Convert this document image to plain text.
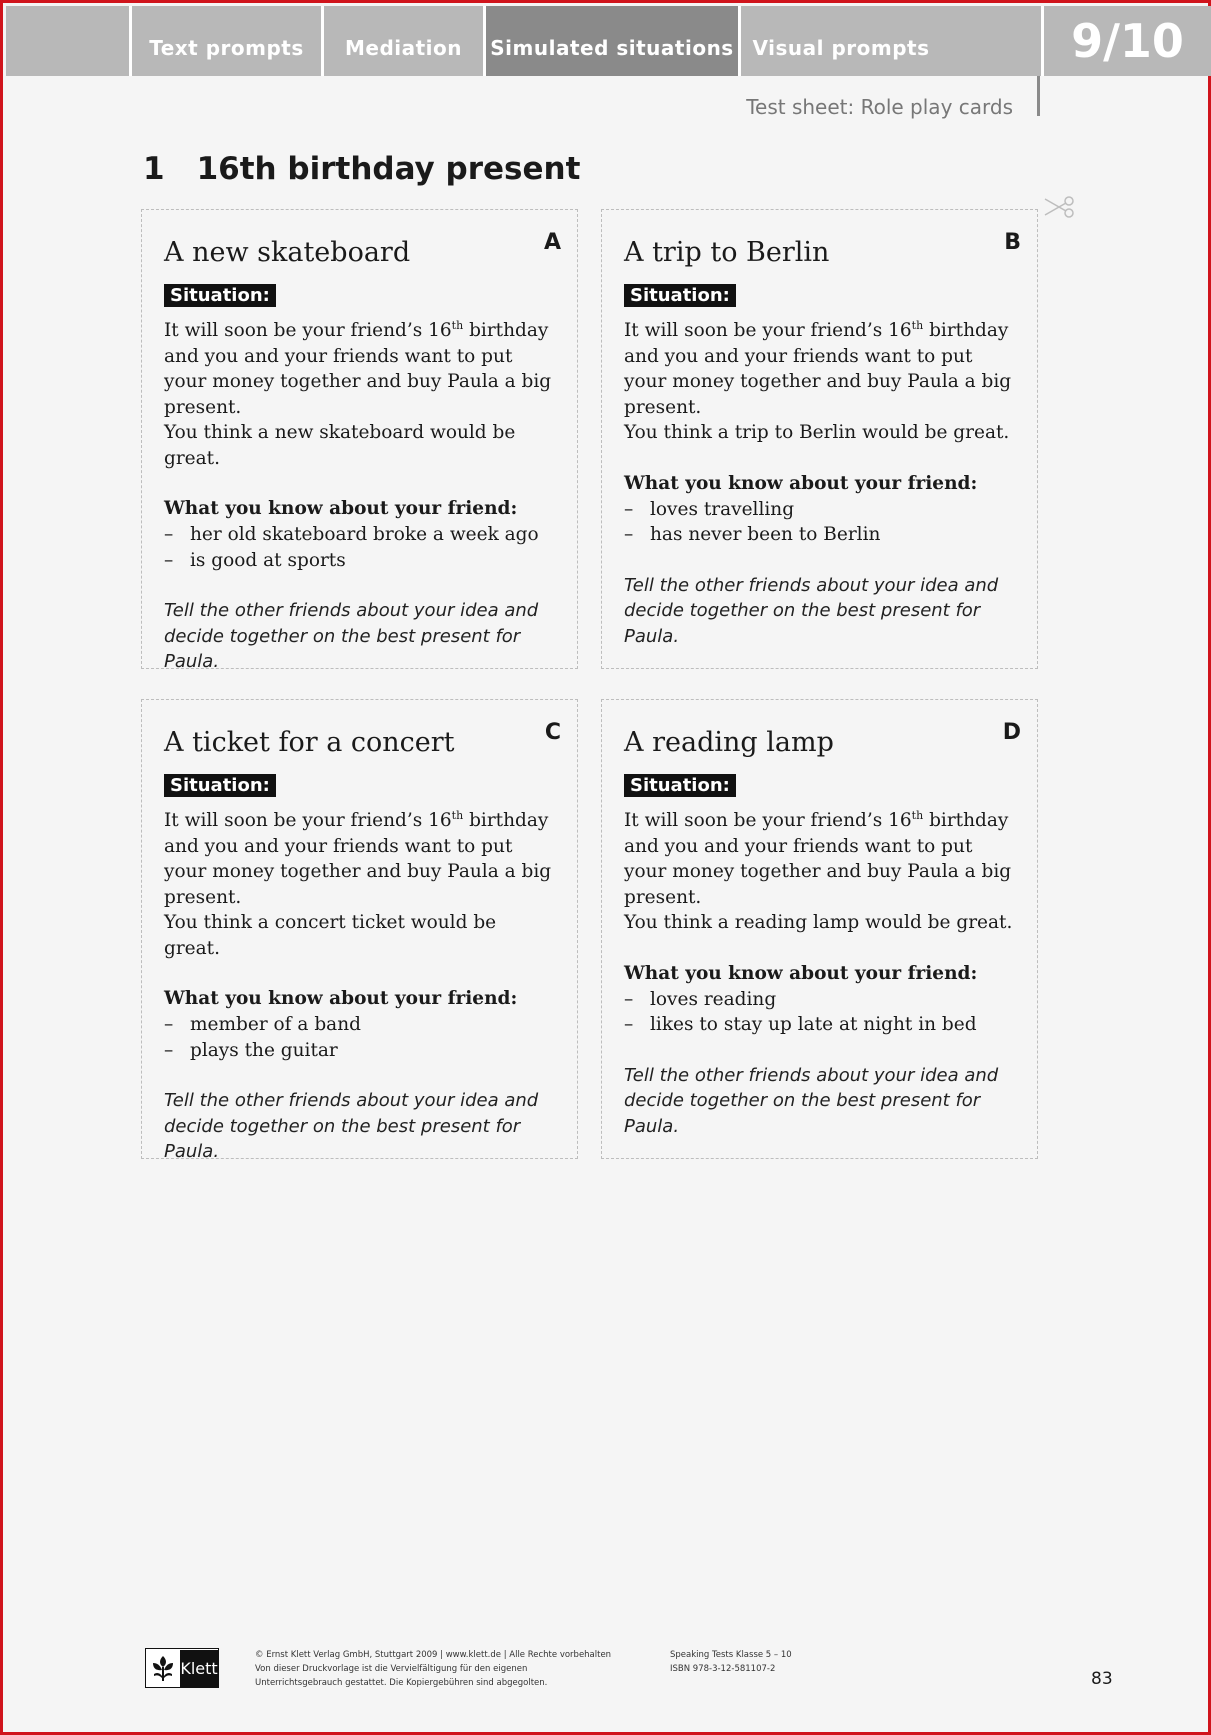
Text prompts Mediation Simulated situations Visual prompts	9/10
Test sheet: Role play cards
1 16th birthday present
A
A new skateboard
Situation:

It will soon be your friend’s 16th birthday and you and your friends want to put your money together and buy Paula a big present.

You think a new skateboard would be great.

What you know about your friend:

– her old skateboard broke a week ago
– is good at sports

Tell the other friends about your idea and decide together on the best present for Paula.

B
A trip to Berlin
Situation:

It will soon be your friend’s 16th birthday and you and your friends want to put your money together and buy Paula a big present.

You think a trip to Berlin would be great.

What you know about your friend:

– loves travelling
– has never been to Berlin

Tell the other friends about your idea and decide together on the best present for Paula.

C
A ticket for a concert
Situation:

It will soon be your friend’s 16th birthday and you and your friends want to put your money together and buy Paula a big present.

You think a concert ticket would be great.

What you know about your friend:

– member of a band
– plays the guitar

Tell the other friends about your idea and decide together on the best present for Paula.

D
A reading lamp
Situation:

It will soon be your friend’s 16th birthday and you and your friends want to put your money together and buy Paula a big present.

You think a reading lamp would be great.

What you know about your friend:

– loves reading
– likes to stay up late at night in bed

Tell the other friends about your idea and decide together on the best present for Paula.

Klett
© Ernst Klett Verlag GmbH, Stuttgart 2009 | www.klett.de | Alle Rechte vorbehalten
Von dieser Druckvorlage ist die Vervielfältigung für den eigenen
Unterrichtsgebrauch gestattet. Die Kopiergebühren sind abgegolten.
Speaking Tests Klasse 5 – 10
ISBN 978-3-12-581107-2	83
